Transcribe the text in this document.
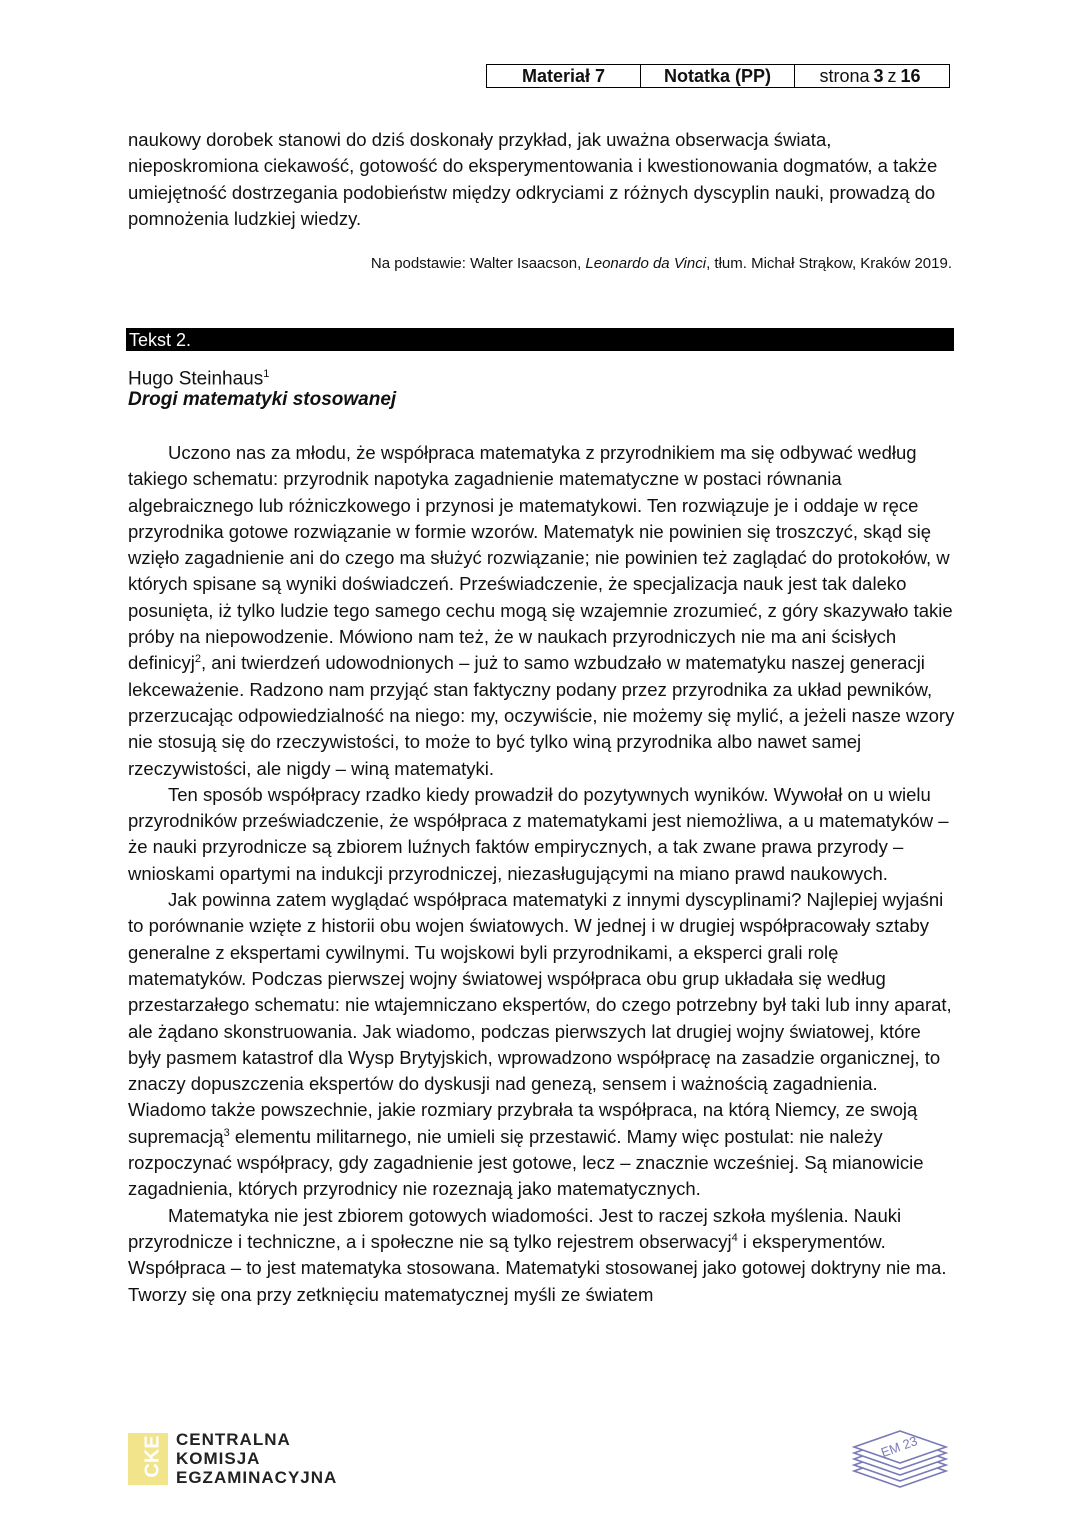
Materiał 7	Notatka (PP)	strona 3 z 16

naukowy dorobek stanowi do dziś doskonały przykład, jak uważna obserwacja świata, nieposkromiona ciekawość, gotowość do eksperymentowania i kwestionowania dogmatów, a także umiejętność dostrzegania podobieństw między odkryciami z różnych dyscyplin nauki, prowadzą do pomnożenia ludzkiej wiedzy.

Na podstawie: Walter Isaacson, Leonardo da Vinci, tłum. Michał Strąkow, Kraków 2019.
Tekst 2.
Hugo Steinhaus$^1$
Drogi matematyki stosowanej

Uczono nas za młodu, że współpraca matematyka z przyrodnikiem ma się odbywać według takiego schematu: przyrodnik napotyka zagadnienie matematyczne w postaci równania algebraicznego lub różniczkowego i przynosi je matematykowi. Ten rozwiązuje je i oddaje w ręce przyrodnika gotowe rozwiązanie w formie wzorów. Matematyk nie powinien się troszczyć, skąd się wzięło zagadnienie ani do czego ma służyć rozwiązanie; nie powinien też zaglądać do protokołów, w których spisane są wyniki doświadczeń. Przeświadczenie, że specjalizacja nauk jest tak daleko posunięta, iż tylko ludzie tego samego cechu mogą się wzajemnie zrozumieć, z góry skazywało takie próby na niepowodzenie. Mówiono nam też, że w naukach przyrodniczych nie ma ani ścisłych definicyj$^2$, ani twierdzeń udowodnionych – już to samo wzbudzało w matematyku naszej generacji lekceważenie. Radzono nam przyjąć stan faktyczny podany przez przyrodnika za układ pewników, przerzucając odpowiedzialność na niego: my, oczywiście, nie możemy się mylić, a jeżeli nasze wzory nie stosują się do rzeczywistości, to może to być tylko winą przyrodnika albo nawet samej rzeczywistości, ale nigdy – winą matematyki.

Ten sposób współpracy rzadko kiedy prowadził do pozytywnych wyników. Wywołał on u wielu przyrodników przeświadczenie, że współpraca z matematykami jest niemożliwa, a u matematyków – że nauki przyrodnicze są zbiorem luźnych faktów empirycznych, a tak zwane prawa przyrody – wnioskami opartymi na indukcji przyrodniczej, niezasługującymi na miano prawd naukowych.

Jak powinna zatem wyglądać współpraca matematyki z innymi dyscyplinami? Najlepiej wyjaśni to porównanie wzięte z historii obu wojen światowych. W jednej i w drugiej współpracowały sztaby generalne z ekspertami cywilnymi. Tu wojskowi byli przyrodnikami, a eksperci grali rolę matematyków. Podczas pierwszej wojny światowej współpraca obu grup układała się według przestarzałego schematu: nie wtajemniczano ekspertów, do czego potrzebny był taki lub inny aparat, ale żądano skonstruowania. Jak wiadomo, podczas pierwszych lat drugiej wojny światowej, które były pasmem katastrof dla Wysp Brytyjskich, wprowadzono współpracę na zasadzie organicznej, to znaczy dopuszczenia ekspertów do dyskusji nad genezą, sensem i ważnością zagadnienia. Wiadomo także powszechnie, jakie rozmiary przybrała ta współpraca, na którą Niemcy, ze swoją supremacją$^3$ elementu militarnego, nie umieli się przestawić. Mamy więc postulat: nie należy rozpoczynać współpracy, gdy zagadnienie jest gotowe, lecz – znacznie wcześniej. Są mianowicie zagadnienia, których przyrodnicy nie rozeznają jako matematycznych.

Matematyka nie jest zbiorem gotowych wiadomości. Jest to raczej szkoła myślenia. Nauki przyrodnicze i techniczne, a i społeczne nie są tylko rejestrem obserwacyj$^4$ i eksperymentów. Współpraca – to jest matematyka stosowana. Matematyki stosowanej jako gotowej doktryny nie ma. Tworzy się ona przy zetknięciu matematycznej myśli ze światem

CKE CENTRALNA
KOMISJA
EGZAMINACYJNA
EM 23
